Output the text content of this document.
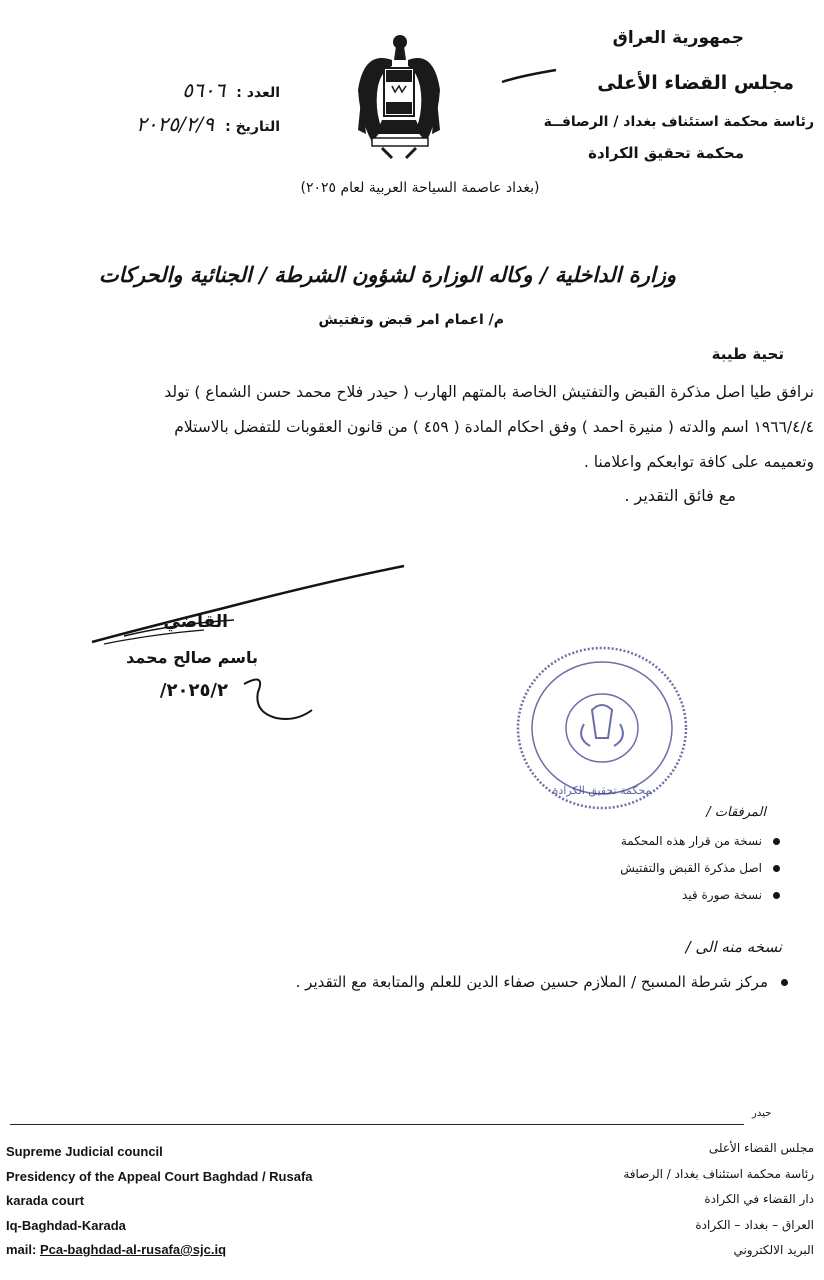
جمهورية العراق
مجلس القضاء الأعلى
رئاسة محكمة استئناف بغداد / الرصافــة
محكمة تحقيق الكرادة
العدد : ٥٦٠٦
التاريخ : ٢٠٢٥/٢/٩
(بغداد عاصمة السياحة العربية لعام ٢٠٢٥)
وزارة الداخلية / وكاله الوزارة لشؤون الشرطة / الجنائية والحركات
م/ اعمام امر قبض وتفتيش
تحية طيبة
نرافق طيا اصل مذكرة القبض والتفتيش الخاصة بالمتهم الهارب ( حيدر فلاح محمد حسن الشماع ) تولد
١٩٦٦/٤/٤ اسم والدته ( منيرة احمد ) وفق احكام المادة ( ٤٥٩ ) من قانون العقوبات للتفضل بالاستلام
وتعميمه على كافة توابعكم واعلامنا .
مع فائق التقدير .
القاضي
باسم صالح محمد
٢٠٢٥/٢/
محكمة تحقيق الكرادة
المرفقات /
نسخة من قرار هذه المحكمة
اصل مذكرة القبض والتفتيش
نسخة صورة قيد
نسخه منه الى /
مركز شرطة المسبح / الملازم حسين صفاء الدين للعلم والمتابعة مع التقدير .
حيدر
Supreme Judicial council
Presidency of the Appeal Court Baghdad / Rusafa
karada court
Iq-Baghdad-Karada
mail: Pca-baghdad-al-rusafa@sjc.iq
مجلس القضاء الأعلى
رئاسة محكمة استئناف بغداد / الرصافة
دار القضاء في الكرادة
العراق – بغداد – الكرادة
البريد الالكتروني
